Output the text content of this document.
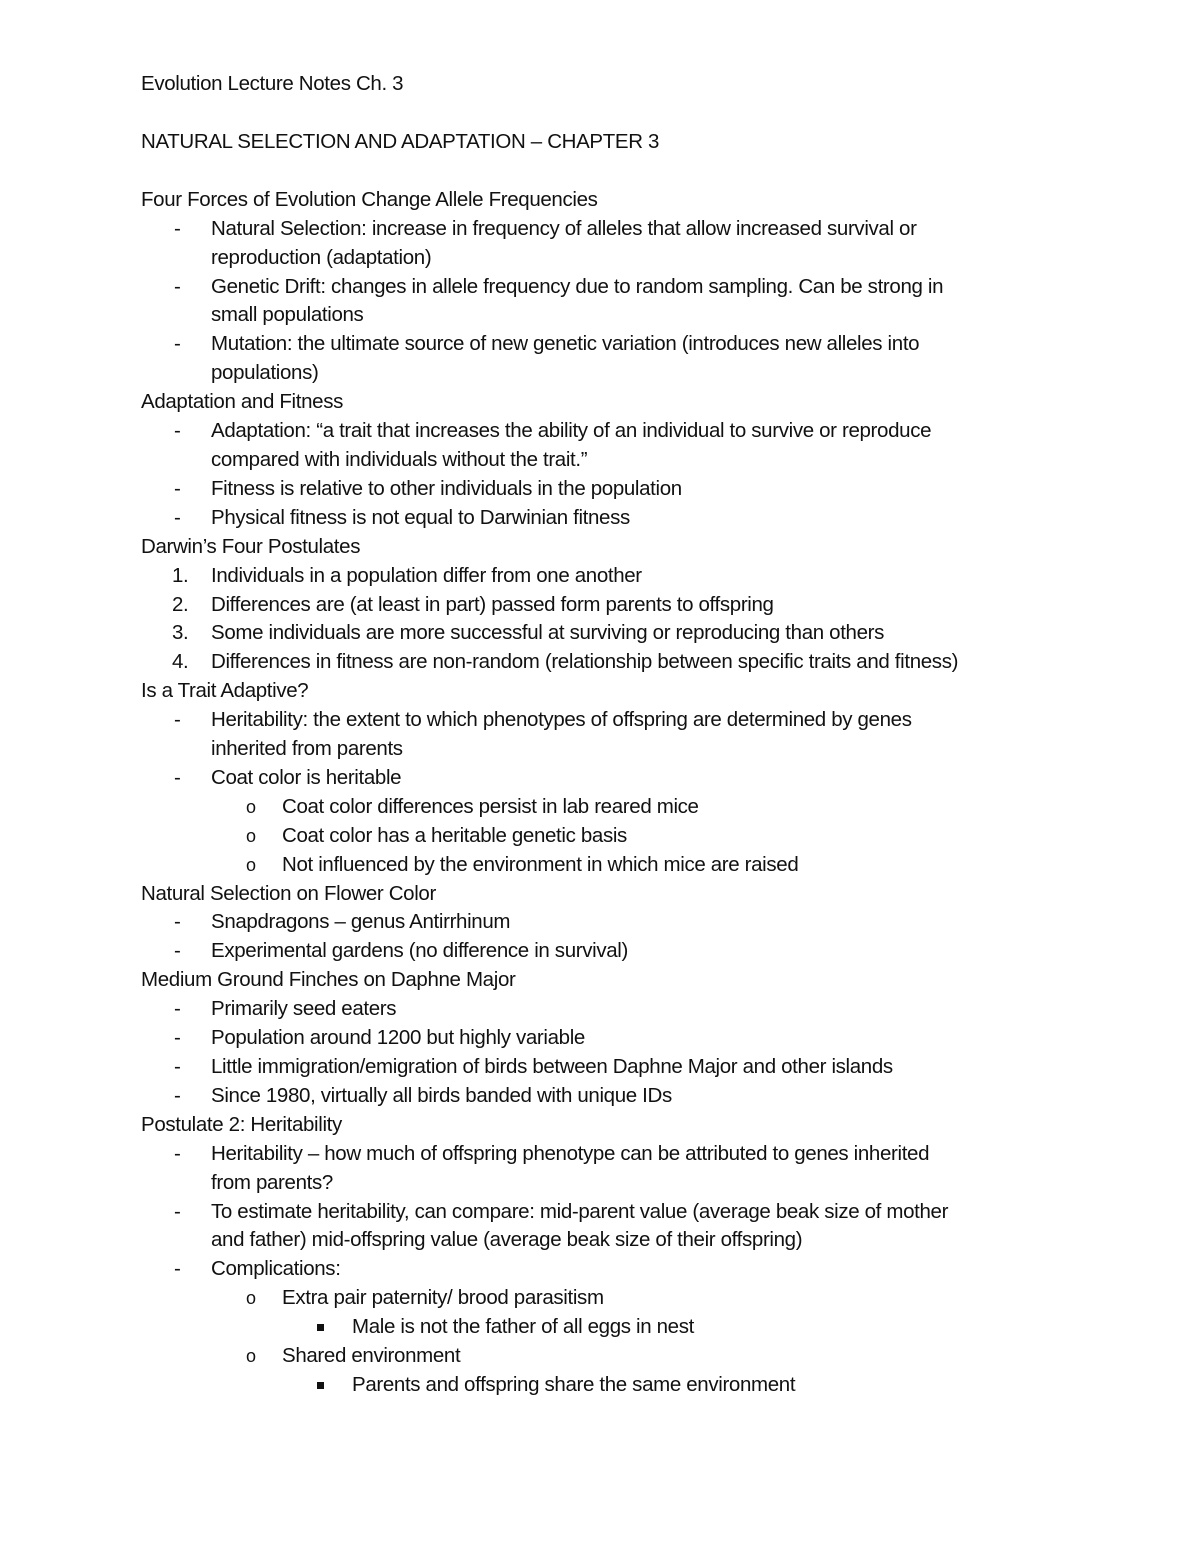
Evolution Lecture Notes Ch. 3

NATURAL SELECTION AND ADAPTATION – CHAPTER 3

Four Forces of Evolution Change Allele Frequencies
- Natural Selection: increase in frequency of alleles that allow increased survival or
reproduction (adaptation)
- Genetic Drift: changes in allele frequency due to random sampling. Can be strong in
small populations
- Mutation: the ultimate source of new genetic variation (introduces new alleles into
populations)
Adaptation and Fitness
- Adaptation: “a trait that increases the ability of an individual to survive or reproduce
compared with individuals without the trait.”
- Fitness is relative to other individuals in the population
- Physical fitness is not equal to Darwinian fitness
Darwin’s Four Postulates
1. Individuals in a population differ from one another
2. Differences are (at least in part) passed form parents to offspring
3. Some individuals are more successful at surviving or reproducing than others
4. Differences in fitness are non-random (relationship between specific traits and fitness)
Is a Trait Adaptive?
- Heritability: the extent to which phenotypes of offspring are determined by genes
inherited from parents
- Coat color is heritable
o Coat color differences persist in lab reared mice
o Coat color has a heritable genetic basis
o Not influenced by the environment in which mice are raised
Natural Selection on Flower Color
- Snapdragons – genus Antirrhinum
- Experimental gardens (no difference in survival)
Medium Ground Finches on Daphne Major
- Primarily seed eaters
- Population around 1200 but highly variable
- Little immigration/emigration of birds between Daphne Major and other islands
- Since 1980, virtually all birds banded with unique IDs
Postulate 2: Heritability
- Heritability – how much of offspring phenotype can be attributed to genes inherited
from parents?
- To estimate heritability, can compare: mid-parent value (average beak size of mother
and father) mid-offspring value (average beak size of their offspring)
- Complications:
o Extra pair paternity/ brood parasitism
Male is not the father of all eggs in nest
o Shared environment
Parents and offspring share the same environment
